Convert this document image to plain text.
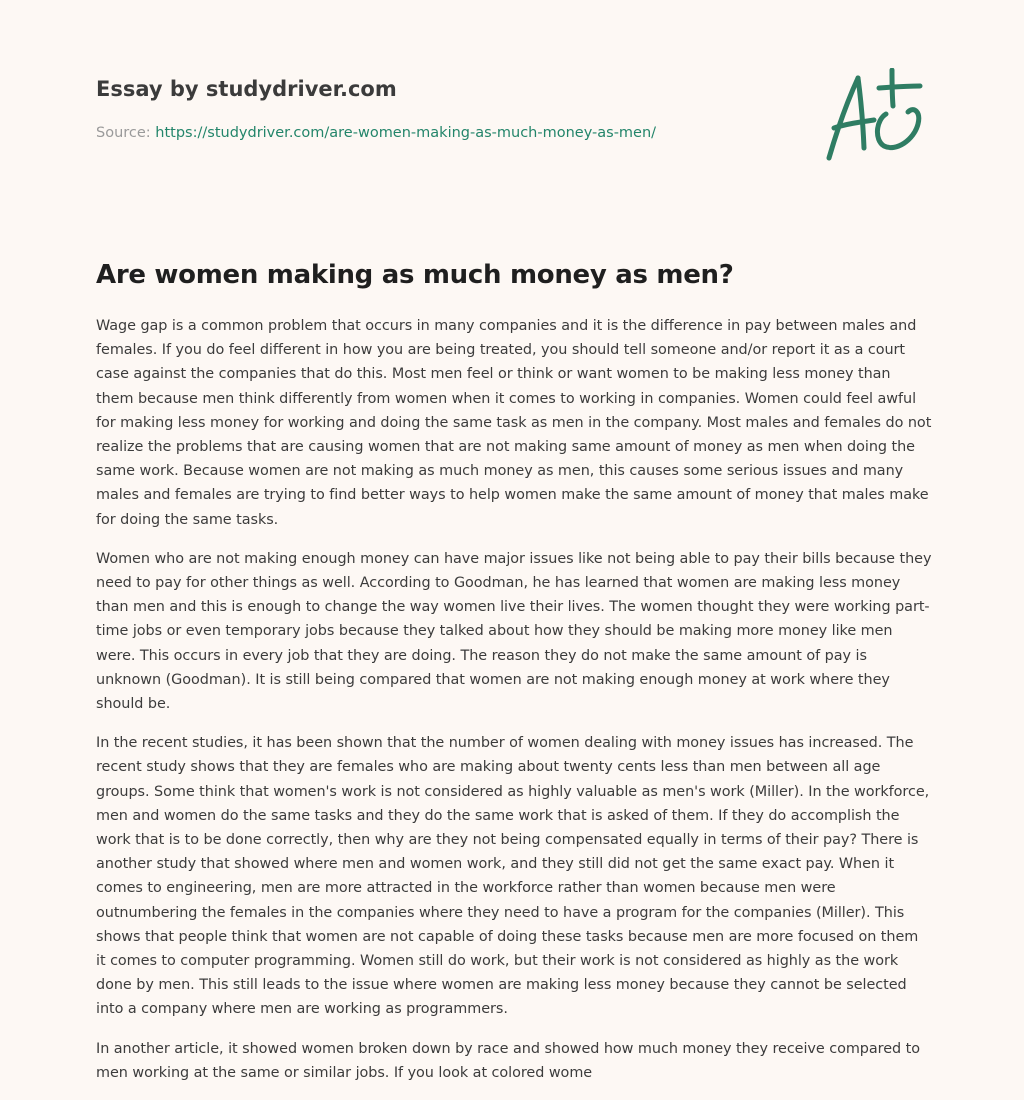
Essay by studydriver.com
Source: https://studydriver.com/are-women-making-as-much-money-as-men/
Are women making as much money as men?

Wage gap is a common problem that occurs in many companies and it is the difference in pay between males and females. If you do feel different in how you are being treated, you should tell someone and/or report it as a court case against the companies that do this. Most men feel or think or want women to be making less money than them because men think differently from women when it comes to working in companies. Women could feel awful for making less money for working and doing the same task as men in the company. Most males and females do not realize the problems that are causing women that are not making same amount of money as men when doing the same work. Because women are not making as much money as men, this causes some serious issues and many males and females are trying to find better ways to help women make the same amount of money that males make for doing the same tasks.

Women who are not making enough money can have major issues like not being able to pay their bills because they need to pay for other things as well. According to Goodman, he has learned that women are making less money than men and this is enough to change the way women live their lives. The women thought they were working part-time jobs or even temporary jobs because they talked about how they should be making more money like men were. This occurs in every job that they are doing. The reason they do not make the same amount of pay is unknown (Goodman). It is still being compared that women are not making enough money at work where they should be.

In the recent studies, it has been shown that the number of women dealing with money issues has increased. The recent study shows that they are females who are making about twenty cents less than men between all age groups. Some think that women's work is not considered as highly valuable as men's work (Miller). In the workforce, men and women do the same tasks and they do the same work that is asked of them. If they do accomplish the work that is to be done correctly, then why are they not being compensated equally in terms of their pay? There is another study that showed where men and women work, and they still did not get the same exact pay. When it comes to engineering, men are more attracted in the workforce rather than women because men were outnumbering the females in the companies where they need to have a program for the companies (Miller). This shows that people think that women are not capable of doing these tasks because men are more focused on them it comes to computer programming. Women still do work, but their work is not considered as highly as the work done by men. This still leads to the issue where women are making less money because they cannot be selected into a company where men are working as programmers.

In another article, it showed women broken down by race and showed how much money they receive compared to men working at the same or similar jobs. If you look at colored wome
